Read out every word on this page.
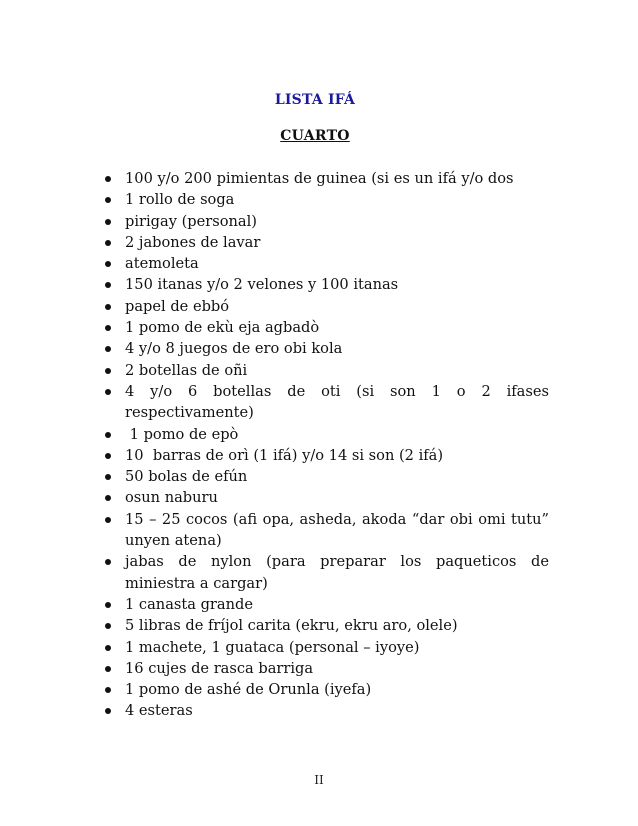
LISTA IFÁ
CUARTO
100 y/o 200 pimientas de guinea (si es un ifá y/o dos
1 rollo de soga
pirigay (personal)
2 jabones de lavar
atemoleta
150 itanas y/o 2 velones y 100 itanas
papel de ebbó
1 pomo de ekù eja agbadò
4 y/o 8 juegos de ero obi kola
2 botellas de oñi
4 y/o 6 botellas de oti (si son 1 o 2 ifases respectivamente)
1 pomo de epò
10  barras de orì (1 ifá) y/o 14 si son (2 ifá)
50 bolas de efún
osun naburu
15 – 25 cocos (afi opa, asheda, akoda “dar obi omi tutu” unyen atena)
jabas de nylon (para preparar los paqueticos de miniestra a cargar)
1 canasta grande
5 libras de fríjol carita (ekru, ekru aro, olele)
1 machete, 1 guataca (personal – iyoye)
16 cujes de rasca barriga
1 pomo de ashé de Orunla (iyefa)
4 esteras
II
